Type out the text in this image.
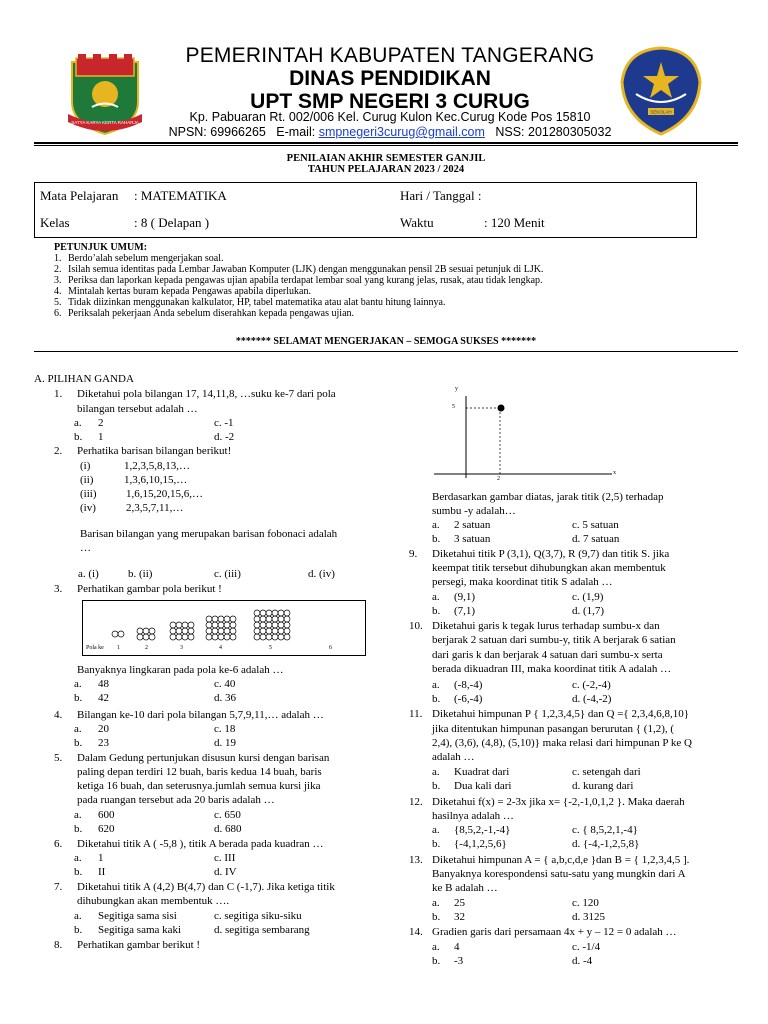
SATYA KARYA KERTA RAHARJA
SEKOLAH
PEMERINTAH KABUPATEN TANGERANG
DINAS PENDIDIKAN
UPT SMP NEGERI 3 CURUG
Kp. Pabuaran Rt. 002/006 Kel. Curug Kulon Kec.Curug Kode Pos 15810
NPSN: 69966265 E-mail: smpnegeri3curug@gmail.com NSS: 201280305032
PENILAIAN AKHIR SEMESTER GANJIL
TAHUN PELAJARAN 2023 / 2024
Mata Pelajaran : MATEMATIKA	Hari / Tanggal :
Kelas	: 8 ( Delapan )	Waktu	: 120 Menit
PETUNJUK UMUM:
1. Berdo’alah sebelum mengerjakan soal.
2. Isilah semua identitas pada Lembar Jawaban Komputer (LJK) dengan menggunakan pensil 2B sesuai petunjuk di LJK.
3. Periksa dan laporkan kepada pengawas ujian apabila terdapat lembar soal yang kurang jelas, rusak, atau tidak lengkap.
4. Mintalah kertas buram kepada Pengawas apabila diperlukan.
5. Tidak diizinkan menggunakan kalkulator, HP, tabel matematika atau alat bantu hitung lainnya.
6. Periksalah pekerjaan Anda sebelum diserahkan kepada pengawas ujian.
******* SELAMAT MENGERJAKAN – SEMOGA SUKSES *******
A. PILIHAN GANDA
1. Diketahui pola bilangan 17, 14,11,8, …suku ke-7 dari pola
bilangan tersebut adalah …
a. 2	c. -1
b. 1	d. -2
2. Perhatika barisan bilangan berikut!
(i)	1,2,3,5,8,13,…
(ii)	1,3,6,10,15,…
(iii)	1,6,15,20,15,6,…
(iv)	2,3,5,7,11,…
Barisan bilangan yang merupakan barisan fobonaci adalah
…
a. (i)	b. (ii)	c. (iii)	d. (iv)
3. Perhatikan gambar pola berikut !
Pola ke 1	2	3	4	5	6
Banyaknya lingkaran pada pola ke-6 adalah …
a. 48	c. 40
b. 42	d. 36
4. Bilangan ke-10 dari pola bilangan 5,7,9,11,… adalah …
a. 20	c. 18
b. 23	d. 19
5. Dalam Gedung pertunjukan disusun kursi dengan barisan
paling depan terdiri 12 buah, baris kedua 14 buah, baris
ketiga 16 buah, dan seterusnya.jumlah semua kursi jika
pada ruangan tersebut ada 20 baris adalah …
a. 600	c. 650
b. 620	d. 680
6. Diketahui titik A ( -5,8 ), titik A berada pada kuadran …
a. 1	c. III
b. II	d. IV
7. Diketahui titik A (4,2) B(4,7) dan C (-1,7). Jika ketiga titik
dihubungkan akan membentuk ….
a. Segitiga sama sisi	c. segitiga siku-siku
b. Segitiga sama kaki	d. segitiga sembarang
8. Perhatikan gambar berikut !
y
x
5
2
Berdasarkan gambar diatas, jarak titik (2,5) terhadap
sumbu -y adalah…
a. 2 satuan	c. 5 satuan
b. 3 satuan	d. 7 satuan
9. Diketahui titik P (3,1), Q(3,7), R (9,7) dan titik S. jika
keempat titik tersebut dihubungkan akan membentuk
persegi, maka koordinat titik S adalah …
a. (9,1)	c. (1,9)
b. (7,1)	d. (1,7)
10. Diketahui garis k tegak lurus terhadap sumbu-x dan
berjarak 2 satuan dari sumbu-y, titik A berjarak 6 satian
dari garis k dan berjarak 4 satuan dari sumbu-x serta
berada dikuadran III, maka koordinat titik A adalah …
a. (-8,-4)	c. (-2,-4)
b. (-6,-4)	d. (-4,-2)
11. Diketahui himpunan P { 1,2,3,4,5} dan Q ={ 2,3,4,6,8,10}
jika ditentukan himpunan pasangan berurutan { (1,2), (
2,4), (3,6), (4,8), (5,10)} maka relasi dari himpunan P ke Q
adalah …
a. Kuadrat dari	c. setengah dari
b. Dua kali dari	d. kurang dari
12. Diketahui f(x) = 2-3x jika x= {-2,-1,0,1,2 }. Maka daerah
hasilnya adalah …
a. {8,5,2,-1,-4}	c. { 8,5,2,1,-4}
b. {-4,1,2,5,6}	d. {-4,-1,2,5,8}
13. Diketahui himpunan A = { a,b,c,d,e }dan B = { 1,2,3,4,5 ].
Banyaknya korespondensi satu-satu yang mungkin dari A
ke B adalah …
a. 25	c. 120
b. 32	d. 3125
14. Gradien garis dari persamaan 4x + y – 12 = 0 adalah …
a. 4	c. -1/4
b. -3	d. -4
